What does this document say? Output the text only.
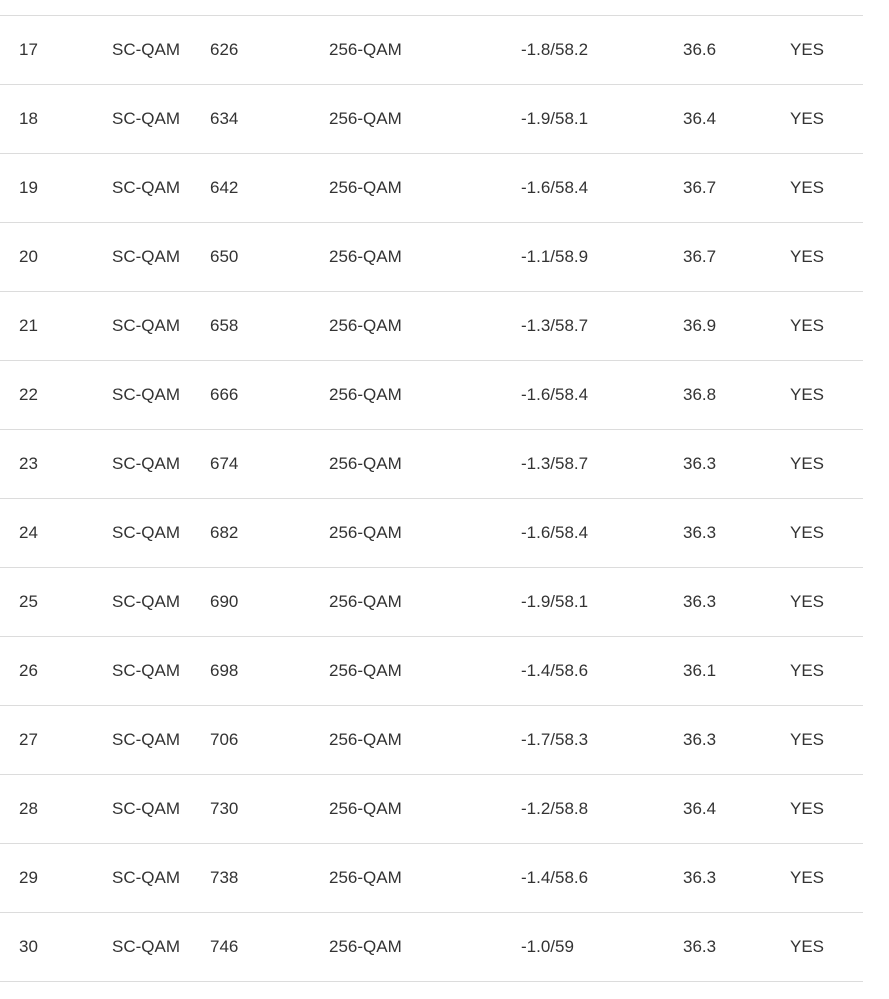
17	SC-QAM 626	256-QAM	-1.8/58.2	36.6	YES
18	SC-QAM 634	256-QAM	-1.9/58.1	36.4	YES
19	SC-QAM 642	256-QAM	-1.6/58.4	36.7	YES
20	SC-QAM 650	256-QAM	-1.1/58.9	36.7	YES
21	SC-QAM 658	256-QAM	-1.3/58.7	36.9	YES
22	SC-QAM 666	256-QAM	-1.6/58.4	36.8	YES
23	SC-QAM 674	256-QAM	-1.3/58.7	36.3	YES
24	SC-QAM 682	256-QAM	-1.6/58.4	36.3	YES
25	SC-QAM 690	256-QAM	-1.9/58.1	36.3	YES
26	SC-QAM 698	256-QAM	-1.4/58.6	36.1	YES
27	SC-QAM 706	256-QAM	-1.7/58.3	36.3	YES
28	SC-QAM 730	256-QAM	-1.2/58.8	36.4	YES
29	SC-QAM 738	256-QAM	-1.4/58.6	36.3	YES
30	SC-QAM 746	256-QAM	-1.0/59	36.3	YES
